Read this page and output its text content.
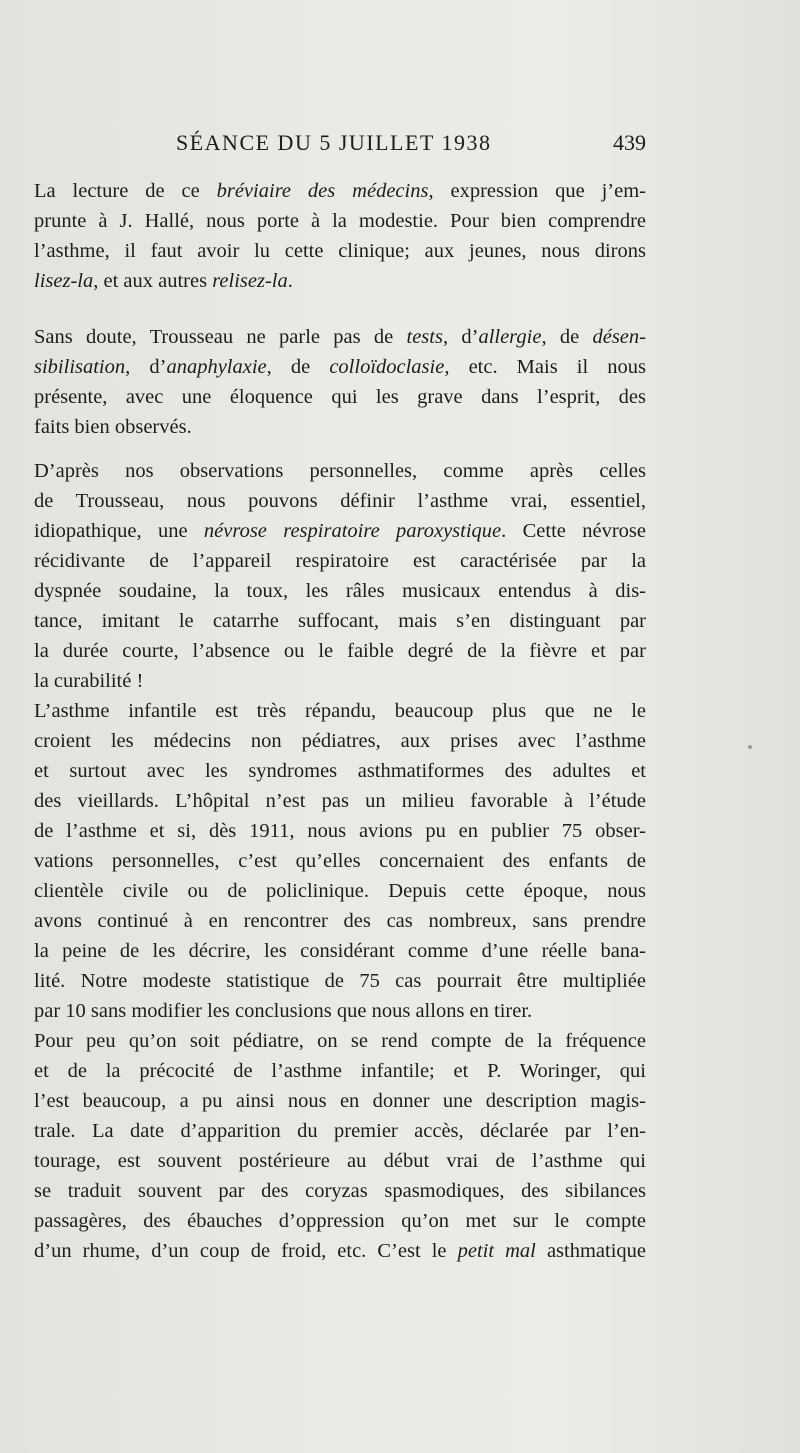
SÉANCE DU 5 JUILLET 1938	439
La lecture de ce bréviaire des médecins, expression que j’em-
prunte à J. Hallé, nous porte à la modestie. Pour bien comprendre
l’asthme, il faut avoir lu cette clinique; aux jeunes, nous dirons
lisez-la, et aux autres relisez-la.
Sans doute, Trousseau ne parle pas de tests, d’allergie, de désen-
sibilisation, d’anaphylaxie, de colloïdoclasie, etc. Mais il nous
présente, avec une éloquence qui les grave dans l’esprit, des
faits bien observés.
D’après nos observations personnelles, comme après celles
de Trousseau, nous pouvons définir l’asthme vrai, essentiel,
idiopathique, une névrose respiratoire paroxystique. Cette névrose
récidivante de l’appareil respiratoire est caractérisée par la
dyspnée soudaine, la toux, les râles musicaux entendus à dis-
tance, imitant le catarrhe suffocant, mais s’en distinguant par
la durée courte, l’absence ou le faible degré de la fièvre et par
la curabilité !
L’asthme infantile est très répandu, beaucoup plus que ne le
croient les médecins non pédiatres, aux prises avec l’asthme
et surtout avec les syndromes asthmatiformes des adultes et
des vieillards. L’hôpital n’est pas un milieu favorable à l’étude
de l’asthme et si, dès 1911, nous avions pu en publier 75 obser-
vations personnelles, c’est qu’elles concernaient des enfants de
clientèle civile ou de policlinique. Depuis cette époque, nous
avons continué à en rencontrer des cas nombreux, sans prendre
la peine de les décrire, les considérant comme d’une réelle bana-
lité. Notre modeste statistique de 75 cas pourrait être multipliée
par 10 sans modifier les conclusions que nous allons en tirer.
Pour peu qu’on soit pédiatre, on se rend compte de la fréquence
et de la précocité de l’asthme infantile; et P. Woringer, qui
l’est beaucoup, a pu ainsi nous en donner une description magis-
trale. La date d’apparition du premier accès, déclarée par l’en-
tourage, est souvent postérieure au début vrai de l’asthme qui
se traduit souvent par des coryzas spasmodiques, des sibilances
passagères, des ébauches d’oppression qu’on met sur le compte
d’un rhume, d’un coup de froid, etc. C’est le petit mal asthmatique
